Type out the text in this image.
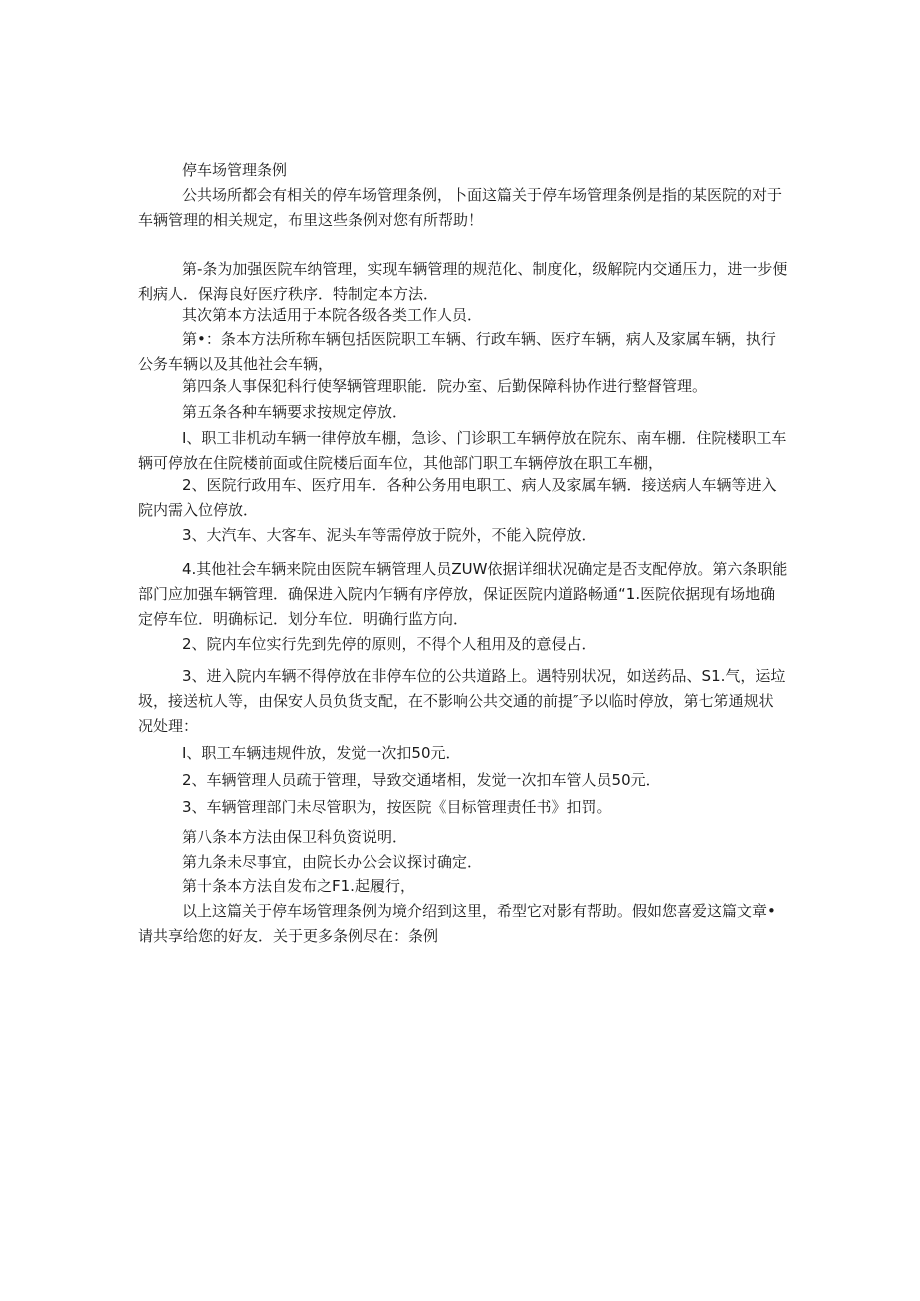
停车场管理条例
公共场所都会有相关的停车场管理条例，卜面这篇关于停车场管理条例是指的某医院的对于车辆管理的相关规定，布里这些条例对您有所帮助！
第-条为加强医院车纳管理，实现车辆管理的规范化、制度化，级解院内交通压力，进一步便利病人．保海良好医疗秩序．特制定本方法．
其次第本方法适用于本院各级各类工作人员．
第•：条本方法所称车辆包括医院职工车辆、行政车辆、医疗车辆，病人及家属车辆，执行公务车辆以及其他社会车辆，
第四条人事保犯科行使孥辆管理职能．院办室、后勤保障科协作进行整督管理。
第五条各种车辆要求按规定停放．
I、职工非机动车辆一律停放车棚，急诊、门诊职工车辆停放在院东、南车棚．住院楼职工车辆可停放在住院楼前面或住院楼后面车位，其他部门职工车辆停放在职工车棚，
2、医院行政用车、医疗用车．各种公务用电职工、病人及家属车辆．接送病人车辆等进入院内需入位停放．
3、大汽车、大客车、泥头车等需停放于院外，不能入院停放．
4.其他社会车辆来院由医院车辆管理人员ZUW依据详细状况确定是否支配停放。第六条职能部门应加强车辆管理．确保进入院内乍辆有序停放，保证医院内道路畅通“1.医院依据现有场地确定停车位．明确标记．划分车位．明确行监方向．
2、院内车位实行先到先停的原则，不得个人租用及的意侵占．
3、进入院内车辆不得停放在非停车位的公共道路上。遇特别状况，如送药品、S1.气，运垃圾，接送杭人等，由保安人员负货支配，在不影响公共交通的前提″予以临时停放，第七笫通规状况处理：
I、职工车辆违规件放，发觉一次扣50元．
2、车辆管理人员疏于管理，导致交通堵相，发觉一次扣车管人员50元．
3、车辆管理部门未尽管职为，按医院《目标管理责任书》扣罚。
第八条本方法由保卫科负资说明．
第九条未尽事宜，由院长办公会议探讨确定．
第十条本方法自发布之F1.起履行，
以上这篇关于停车场管理条例为境介绍到这里，希型它对影有帮助。假如您喜爱这篇文章•请共享给您的好友．关于更多条例尽在：条例
